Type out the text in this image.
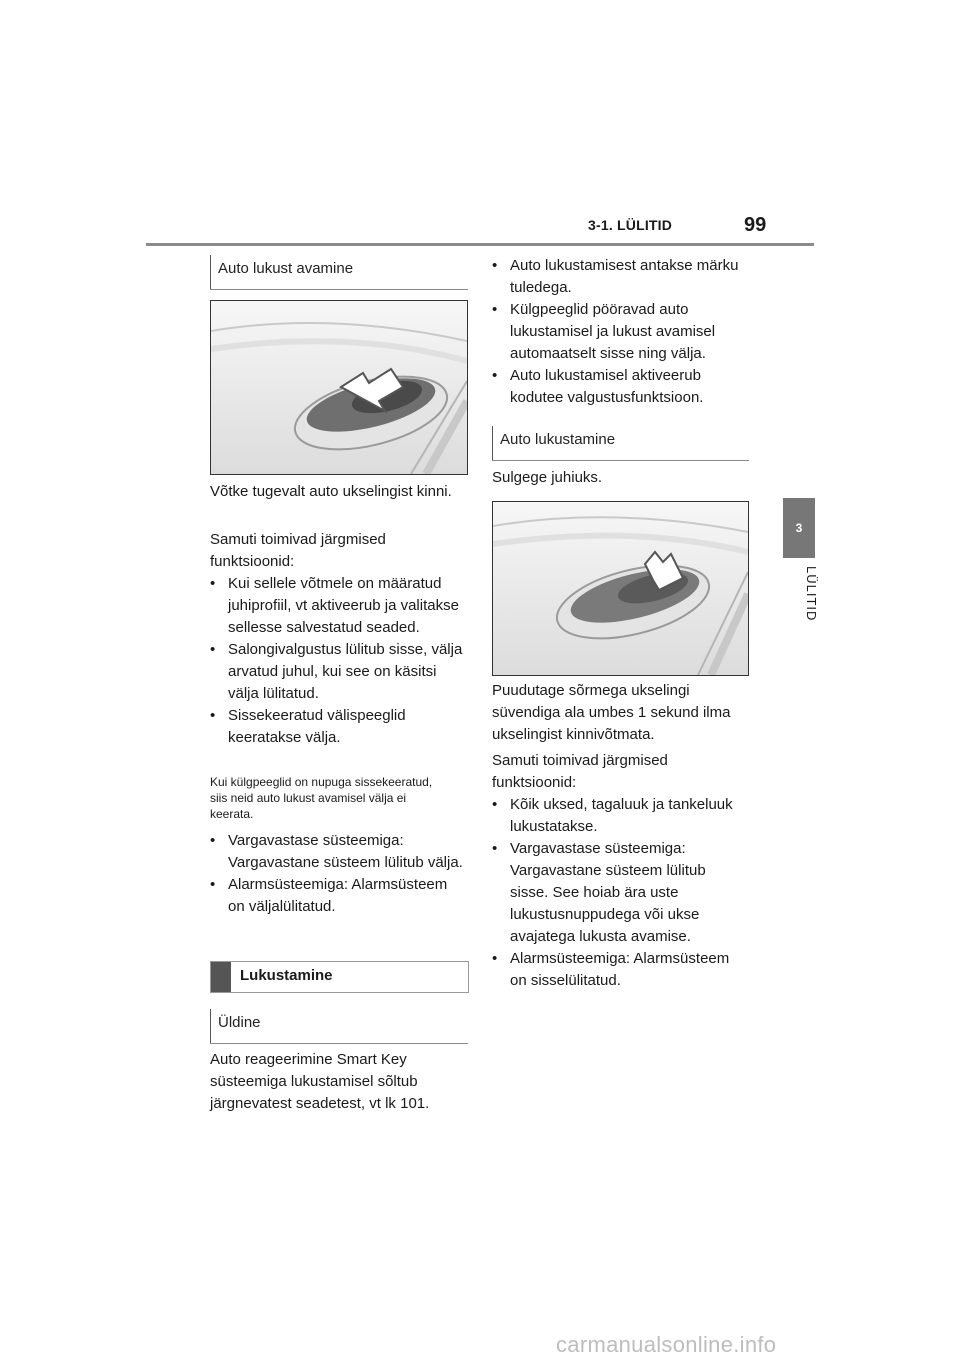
3-1. LÜLITID	99
3
LÜLITID
Auto lukust avamine
Võtke tugevalt auto ukselingist kinni.
Samuti toimivad järgmised funktsioonid:
• Kui sellele võtmele on määratud juhiprofiil, vt aktiveerub ja valitakse sellesse salvestatud seaded.
• Salongivalgustus lülitub sisse, välja arvatud juhul, kui see on käsitsi välja lülitatud.
• Sissekeeratud välispeeglid keeratakse välja.
Kui külgpeeglid on nupuga sissekeeratud, siis neid auto lukust avamisel välja ei keerata.
• Vargavastase süsteemiga: Vargavastane süsteem lülitub välja.
• Alarmsüsteemiga: Alarmsüsteem on väljalülitatud.
Lukustamine
Üldine
Auto reageerimine Smart Key süsteemiga lukustamisel sõltub järgnevatest seadetest, vt lk 101.
• Auto lukustamisest antakse märku tuledega.
• Külgpeeglid pööravad auto lukustamisel ja lukust avamisel automaatselt sisse ning välja.
• Auto lukustamisel aktiveerub kodutee valgustusfunktsioon.
Auto lukustamine
Sulgege juhiuks.
Puudutage sõrmega ukselingi süvendiga ala umbes 1 sekund ilma ukselingist kinnivõtmata.
Samuti toimivad järgmised funktsioonid:
• Kõik uksed, tagaluuk ja tankeluuk lukustatakse.
• Vargavastase süsteemiga: Vargavastane süsteem lülitub sisse. See hoiab ära uste lukustusnuppudega või ukse avajatega lukusta avamise.
• Alarmsüsteemiga: Alarmsüsteem on sisselülitatud.
carmanualsonline.info
